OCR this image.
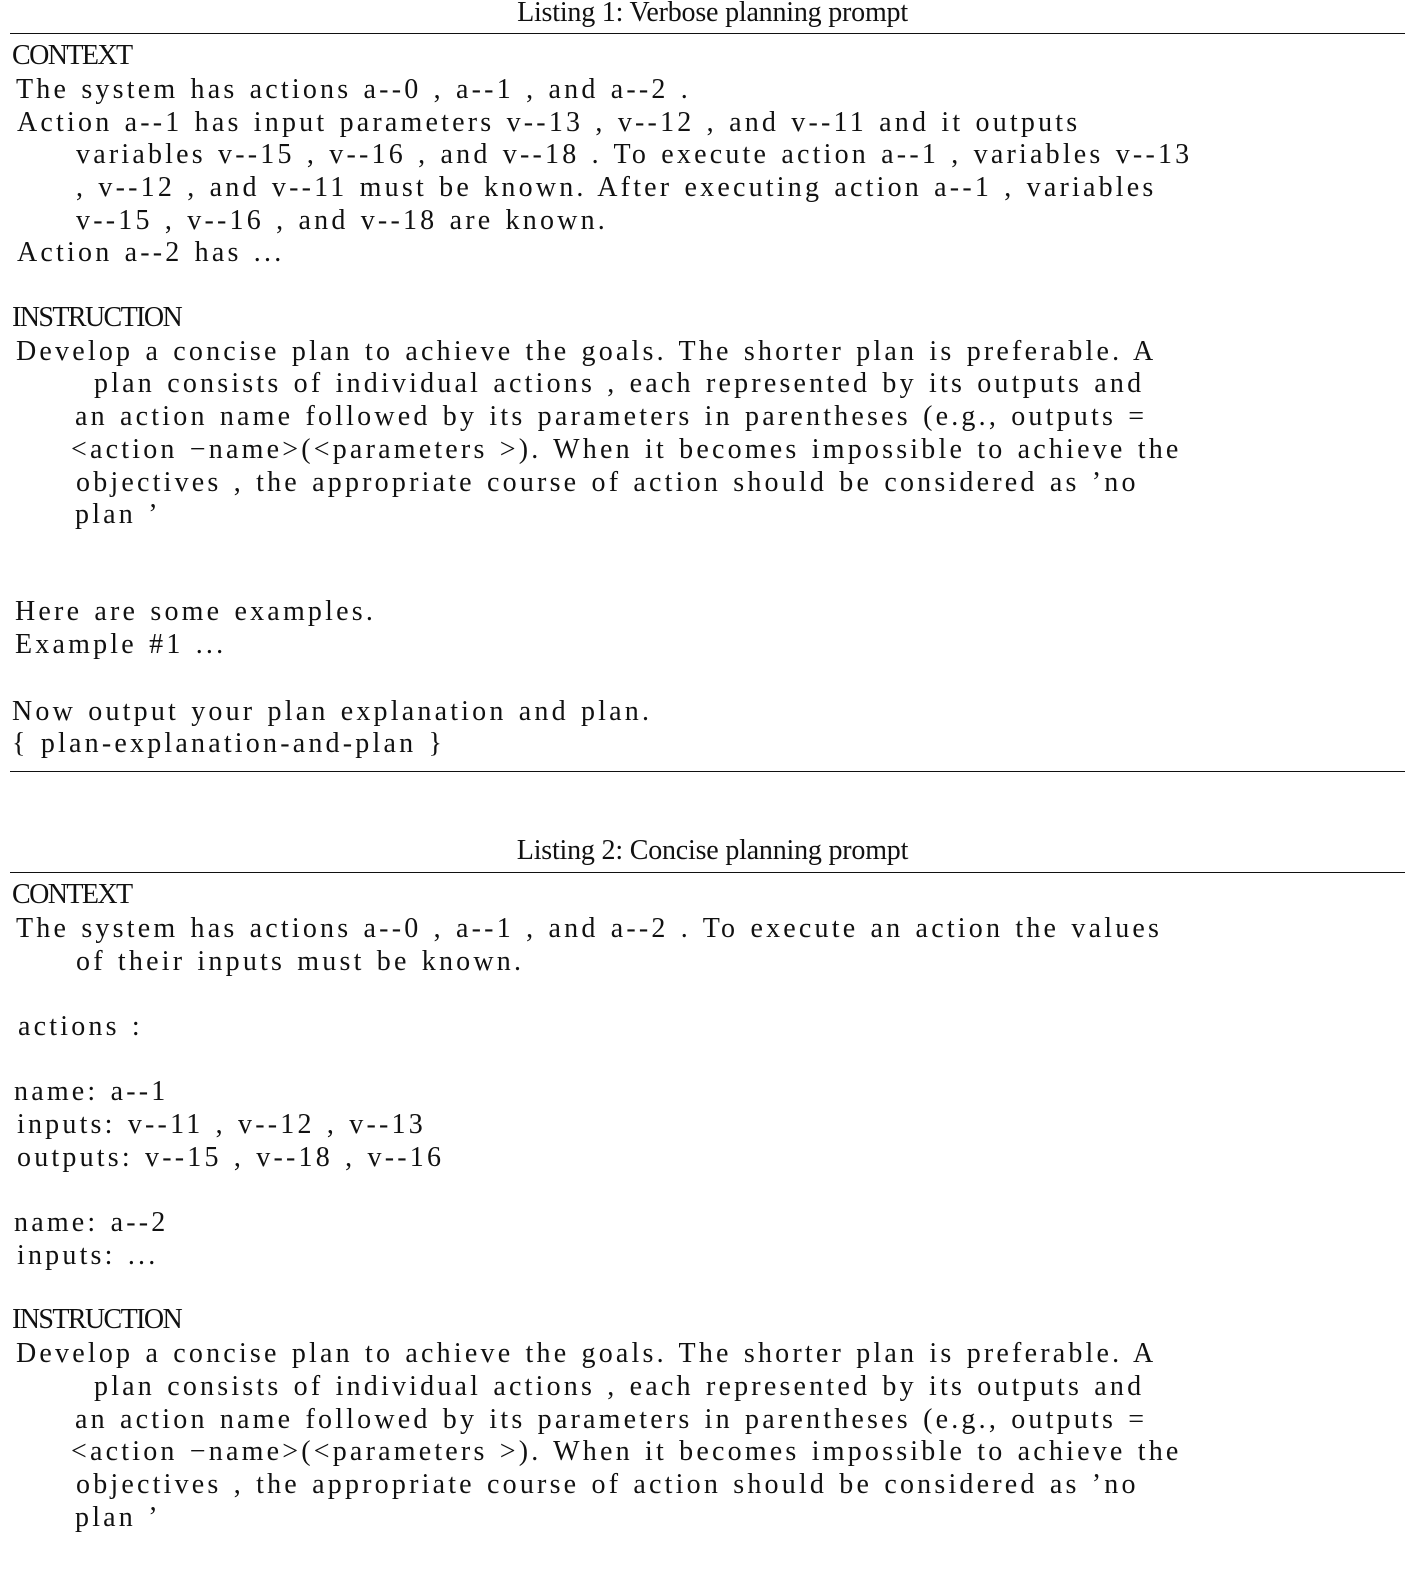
Listing 1: Verbose planning prompt
CONTEXT
The system has actions a‐‐0 , a‐‐1 , and a‐‐2 .
Action a‐‐1 has input parameters v‐‐13 , v‐‐12 , and v‐‐11 and it outputs
variables v‐‐15 , v‐‐16 , and v‐‐18 . To execute action a‐‐1 , variables v‐‐13
, v‐‐12 , and v‐‐11 must be known. After executing action a‐‐1 , variables
v‐‐15 , v‐‐16 , and v‐‐18 are known.
Action a‐‐2 has ...
INSTRUCTION
Develop a concise plan to achieve the goals. The shorter plan is preferable. A
plan consists of individual actions , each represented by its outputs and
an action name followed by its parameters in parentheses (e.g., outputs =
<action −name>(<parameters >). When it becomes impossible to achieve the
objectives , the appropriate course of action should be considered as ’no
plan ’
Here are some examples.
Example #1 ...
Now output your plan explanation and plan.
{ plan‐explanation‐and‐plan }
Listing 2: Concise planning prompt
CONTEXT
The system has actions a‐‐0 , a‐‐1 , and a‐‐2 . To execute an action the values
of their inputs must be known.
actions :
name: a‐‐1
inputs: v‐‐11 , v‐‐12 , v‐‐13
outputs: v‐‐15 , v‐‐18 , v‐‐16
name: a‐‐2
inputs: ...
INSTRUCTION
Develop a concise plan to achieve the goals. The shorter plan is preferable. A
plan consists of individual actions , each represented by its outputs and
an action name followed by its parameters in parentheses (e.g., outputs =
<action −name>(<parameters >). When it becomes impossible to achieve the
objectives , the appropriate course of action should be considered as ’no
plan ’
